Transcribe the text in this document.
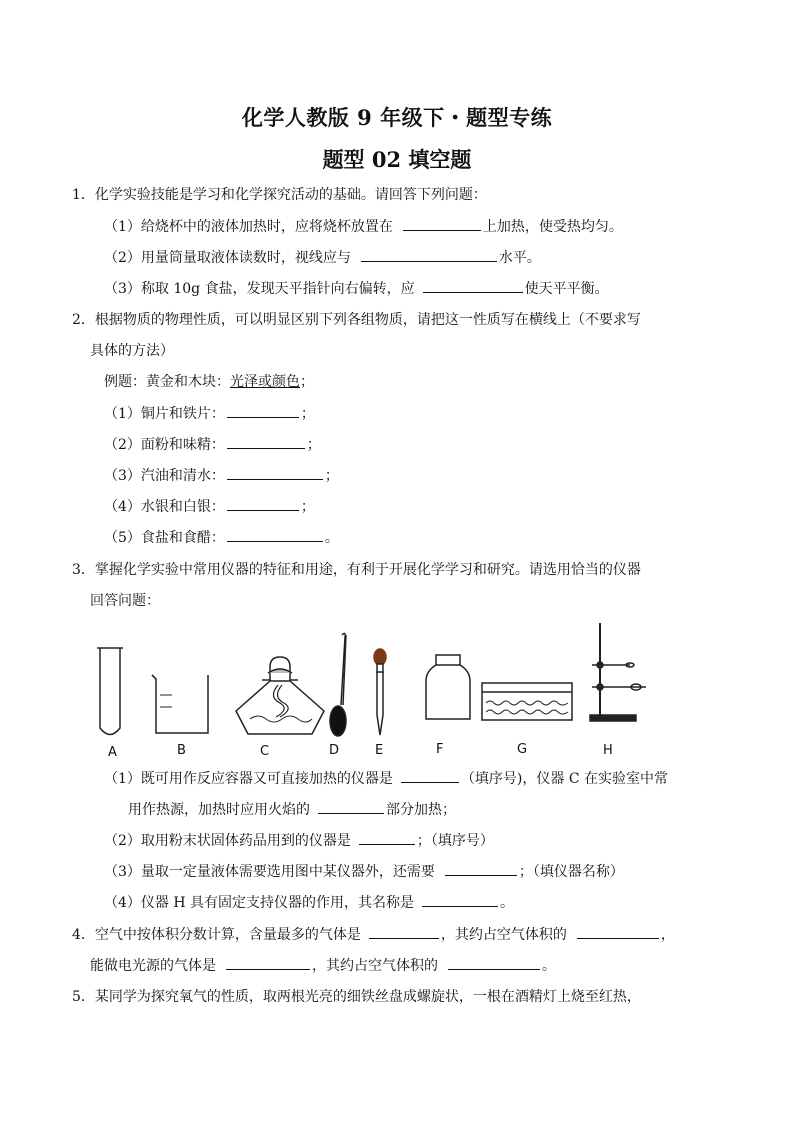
化学人教版 9 年级下・题型专练
题型 02 填空题
1．化学实验技能是学习和化学探究活动的基础。请回答下列问题：
（1）给烧杯中的液体加热时，应将烧杯放置在	上加热，使受热均匀。
（2）用量筒量取液体读数时，视线应与	水平。
（3）称取 10g 食盐，发现天平指针向右偏转，应	使天平平衡。
2．根据物质的物理性质，可以明显区别下列各组物质，请把这一性质写在横线上（不要求写
具体的方法）
例题：黄金和木块：光泽或颜色；
（1）铜片和铁片：	；
（2）面粉和味精：	；
（3）汽油和清水：	；
（4）水银和白银：	；
（5）食盐和食醋：	。
3．掌握化学实验中常用仪器的特征和用途，有利于开展化学学习和研究。请选用恰当的仪器
回答问题：
A	B	C	D	E	F	G	H
（1）既可用作反应容器又可直接加热的仪器是	（填序号)，仪器 C 在实验室中常
用作热源，加热时应用火焰的	部分加热；
（2）取用粉末状固体药品用到的仪器是	；（填序号）
（3）量取一定量液体需要选用图中某仪器外，还需要	；（填仪器名称）
（4）仪器 H 具有固定支持仪器的作用，其名称是	。
4．空气中按体积分数计算，含量最多的气体是	，其约占空气体积的	，
能做电光源的气体是	，其约占空气体积的	。
5．某同学为探究氧气的性质，取两根光亮的细铁丝盘成螺旋状，一根在酒精灯上烧至红热，
